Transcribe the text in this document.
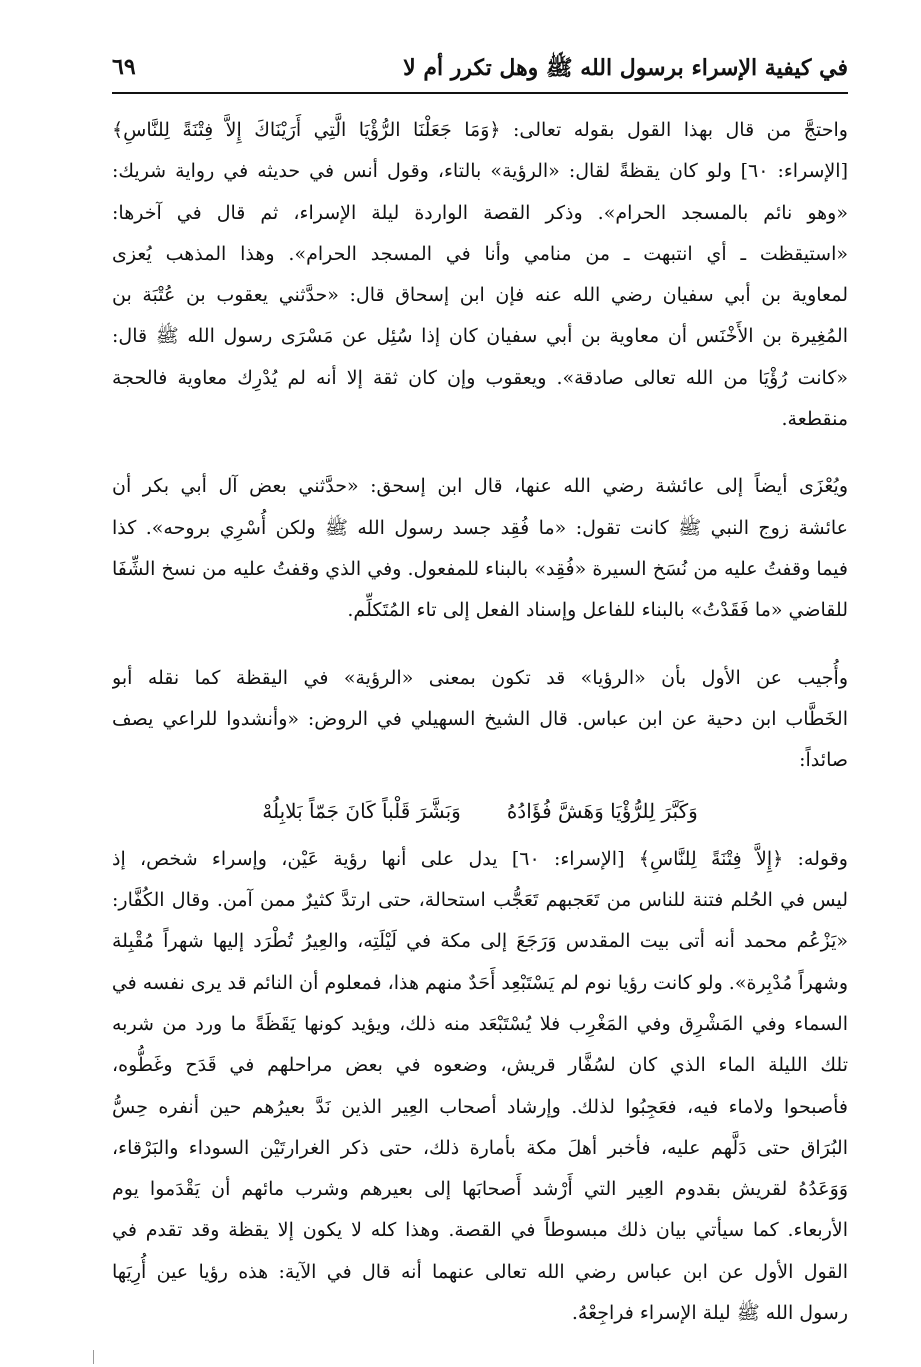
في كيفية الإسراء برسول الله ﷺ وهل تكرر أم لا
٦٩

واحتجَّ من قال بهذا القول بقوله تعالى: ﴿وَمَا جَعَلْنَا الرُّؤْيَا الَّتِي أَرَيْنَاكَ إِلاَّ فِتْنَةً لِلنَّاسِ﴾
[الإسراء: ٦٠] ولو كان يقظةً لقال: «الرؤية» بالتاء، وقول أنس في حديثه في رواية شريك:
«وهو نائم بالمسجد الحرام». وذكر القصة الواردة ليلة الإسراء، ثم قال في آخرها:
«استيقظت ـ أي انتبهت ـ من منامي وأنا في المسجد الحرام». وهذا المذهب يُعزى
لمعاوية بن أبي سفيان رضي الله عنه فإن ابن إسحاق قال: «حدَّثني يعقوب بن عُتْبَة بن
المُغِيرة بن الأَخْنَس أن معاوية بن أبي سفيان كان إذا سُئِل عن مَسْرَى رسول الله ﷺ قال:
«كانت رُؤْيَا من الله تعالى صادقة». ويعقوب وإن كان ثقة إلا أنه لم يُدْرِك معاوية فالحجة
منقطعة.

ويُعْزَى أيضاً إلى عائشة رضي الله عنها، قال ابن إسحق: «حدَّثني بعض آل أبي بكر أن
عائشة زوج النبي ﷺ كانت تقول: «ما فُقِد جسد رسول الله ﷺ ولكن أُسْرِي بروحه». كذا
فيما وقفتُ عليه من نُسَخ السيرة «فُقِد» بالبناء للمفعول. وفي الذي وقفتُ عليه من نسخ الشِّفَا
للقاضي «ما فَقَدْتُ» بالبناء للفاعل وإسناد الفعل إلى تاء المُتَكلِّم.

وأُجيب عن الأول بأن «الرؤيا» قد تكون بمعنى «الرؤية» في اليقظة كما نقله أبو
الخَطَّاب ابن دحية عن ابن عباس. قال الشيخ السهيلي في الروض: «وأنشدوا للراعي يصف
صائداً:

وَكَبَّرَ لِلرُّؤْيَا وَهَشَّ فُؤَادُهُ
وَبَشَّرَ قَلْباً كَانَ جَمّاً بَلابِلُهْ

وقوله: ﴿إِلاَّ فِتْنَةً لِلنَّاسِ﴾ [الإسراء: ٦٠] يدل على أنها رؤية عَيْن، وإسراء شخص، إذ
ليس في الحُلم فتنة للناس من تَعَجبهم تَعَجُّب استحالة، حتى ارتدَّ كثيرٌ ممن آمن. وقال الكُفَّار:
«يَزْعُم محمد أنه أتى بيت المقدس وَرَجَعَ إلى مكة في لَيْلَتِه، والعِيرُ تُطْرَد إليها شهراً مُقْبِلة
وشهراً مُدْبِرة». ولو كانت رؤيا نوم لم يَسْتَبْعِد أَحَدٌ منهم هذا، فمعلوم أن النائم قد يرى نفسه في
السماء وفي المَشْرِق وفي المَغْرِب فلا يُسْتَبْعَد منه ذلك، ويؤيد كونها يَقَظَةً ما ورد من شربه
تلك الليلة الماء الذي كان لسُفَّار قريش، وضعوه في بعض مراحلهم في قَدَح وغَطُّوه،
فأصبحوا ولاماء فيه، فعَجِبُوا لذلك. وإرشاد أصحاب العِير الذين نَدَّ بعيرُهم حين أنفره حِسُّ
البُرَاق حتى دَلَّهم عليه، فأخبر أهلَ مكة بأمارة ذلك، حتى ذكر الغرارتَيْن السوداء والبَرْقاء،
وَوَعَدُهُ لقريش بقدوم العِير التي أَرْشد أَصحابَها إلى بعيرهم وشرب مائهم أن يَقْدَموا يوم
الأربعاء. كما سيأتي بيان ذلك مبسوطاً في القصة. وهذا كله لا يكون إلا يقظة وقد تقدم في
القول الأول عن ابن عباس رضي الله تعالى عنهما أنه قال في الآية: هذه رؤيا عين أُرِيَها
رسول الله ﷺ ليلة الإسراء فراجِعْهُ.
